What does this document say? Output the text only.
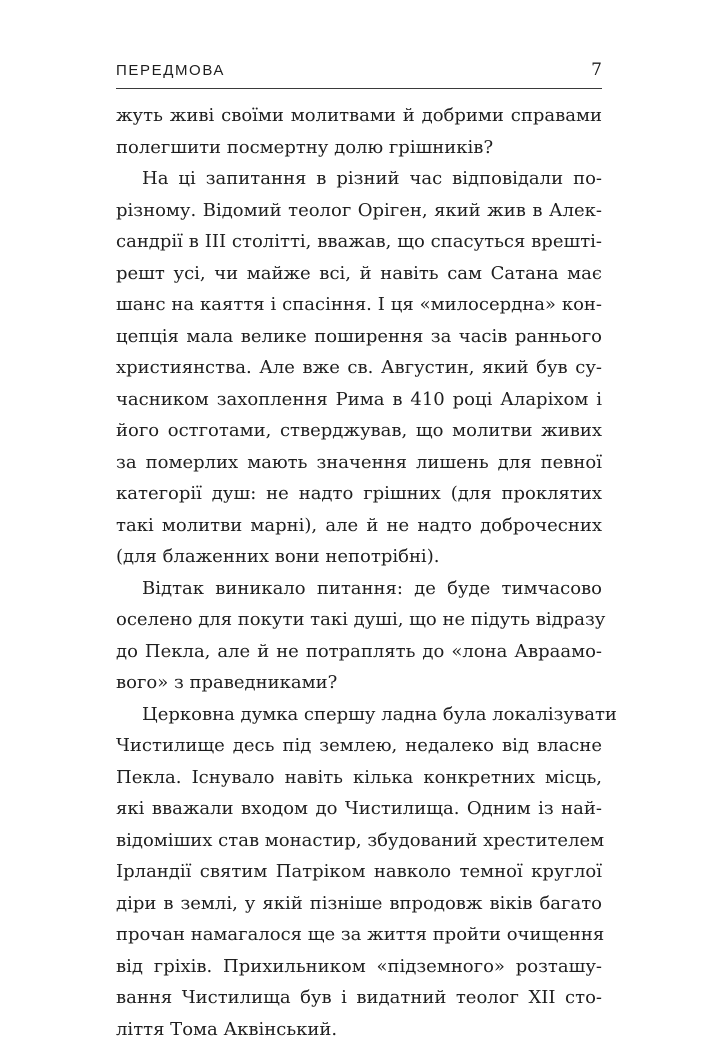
ПЕРЕДМОВА	7
жуть живі своїми молитвами й добрими справами
полегшити посмертну долю грішників?
На ці запитання в різний час відповідали по-
різному. Відомий теолог Оріген, який жив в Алек-
сандрії в III столітті, вважав, що спасуться врешті-
решт усі, чи майже всі, й навіть сам Сатана має
шанс на каяття і спасіння. І ця «милосердна» кон-
цепція мала велике поширення за часів раннього
християнства. Але вже св. Августин, який був су-
часником захоплення Рима в 410 році Аларіхом і
його остготами, стверджував, що молитви живих
за померлих мають значення лишень для певної
категорії душ: не надто грішних (для проклятих
такі молитви марні), але й не надто доброчесних
(для блаженних вони непотрібні).
Відтак виникало питання: де буде тимчасово
оселено для покути такі душі, що не підуть відразу
до Пекла, але й не потраплять до «лона Авраамо-
вого» з праведниками?
Церковна думка спершу ладна була локалізувати
Чистилище десь під землею, недалеко від власне
Пекла. Існувало навіть кілька конкретних місць,
які вважали входом до Чистилища. Одним із най-
відоміших став монастир, збудований хрестителем
Ірландії святим Патріком навколо темної круглої
діри в землі, у якій пізніше впродовж віків багато
прочан намагалося ще за життя пройти очищення
від гріхів. Прихильником «підземного» розташу-
вання Чистилища був і видатний теолог XII сто-
ліття Тома Аквінський.
